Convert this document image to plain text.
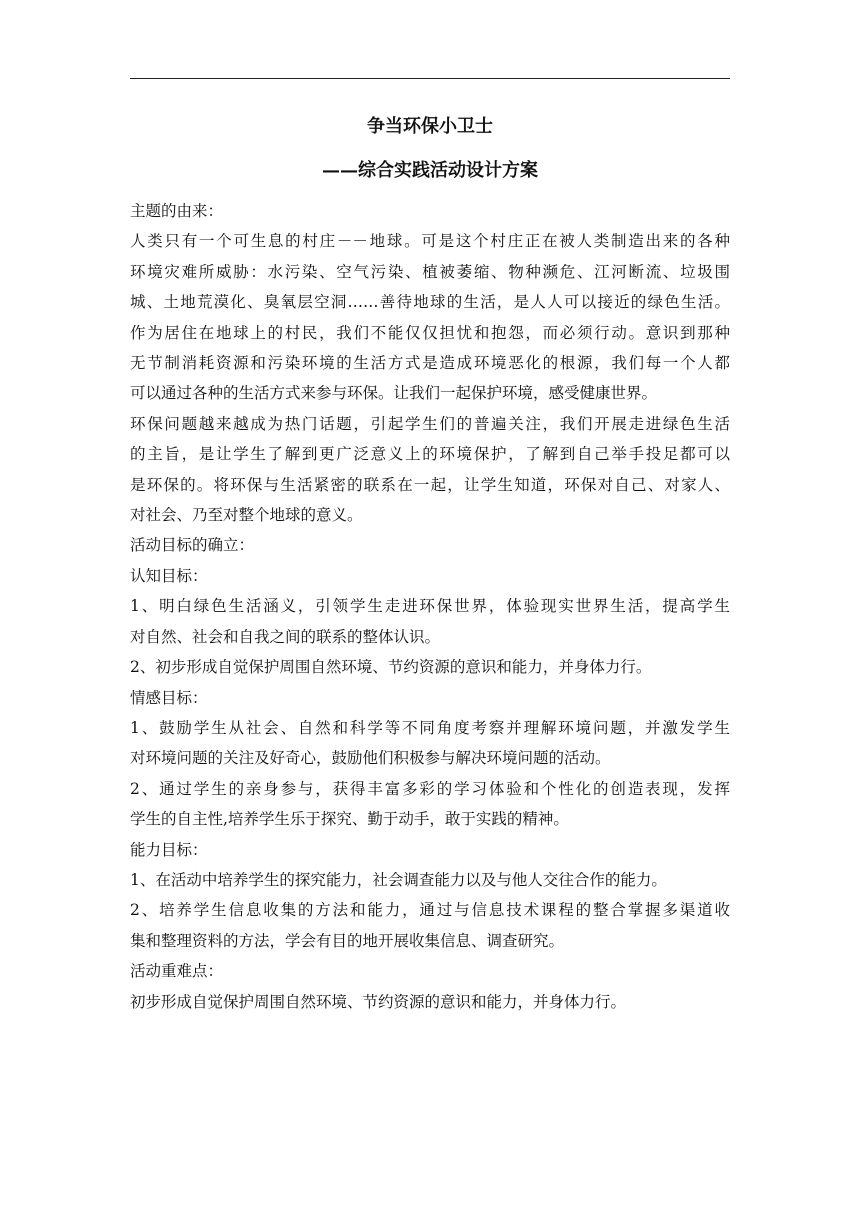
争当环保小卫士
——综合实践活动设计方案

主题的由来：

人类只有一个可生息的村庄－－地球。可是这个村庄正在被人类制造出来的各种

环境灾难所威胁：水污染、空气污染、植被萎缩、物种濒危、江河断流、垃圾围

城、土地荒漠化、臭氧层空洞……善待地球的生活，是人人可以接近的绿色生活。

作为居住在地球上的村民，我们不能仅仅担忧和抱怨，而必须行动。意识到那种

无节制消耗资源和污染环境的生活方式是造成环境恶化的根源，我们每一个人都

可以通过各种的生活方式来参与环保。让我们一起保护环境，感受健康世界。

环保问题越来越成为热门话题，引起学生们的普遍关注，我们开展走进绿色生活

的主旨，是让学生了解到更广泛意义上的环境保护，了解到自己举手投足都可以

是环保的。将环保与生活紧密的联系在一起，让学生知道，环保对自己、对家人、

对社会、乃至对整个地球的意义。

活动目标的确立：

认知目标：

1、明白绿色生活涵义，引领学生走进环保世界，体验现实世界生活，提高学生

对自然、社会和自我之间的联系的整体认识。

2、初步形成自觉保护周围自然环境、节约资源的意识和能力，并身体力行。

情感目标：

1、鼓励学生从社会、自然和科学等不同角度考察并理解环境问题，并激发学生

对环境问题的关注及好奇心，鼓励他们积极参与解决环境问题的活动。

2、通过学生的亲身参与，获得丰富多彩的学习体验和个性化的创造表现，发挥

学生的自主性,培养学生乐于探究、勤于动手，敢于实践的精神。

能力目标：

1、在活动中培养学生的探究能力，社会调查能力以及与他人交往合作的能力。

2、培养学生信息收集的方法和能力，通过与信息技术课程的整合掌握多渠道收

集和整理资料的方法，学会有目的地开展收集信息、调查研究。

活动重难点：

初步形成自觉保护周围自然环境、节约资源的意识和能力，并身体力行。
